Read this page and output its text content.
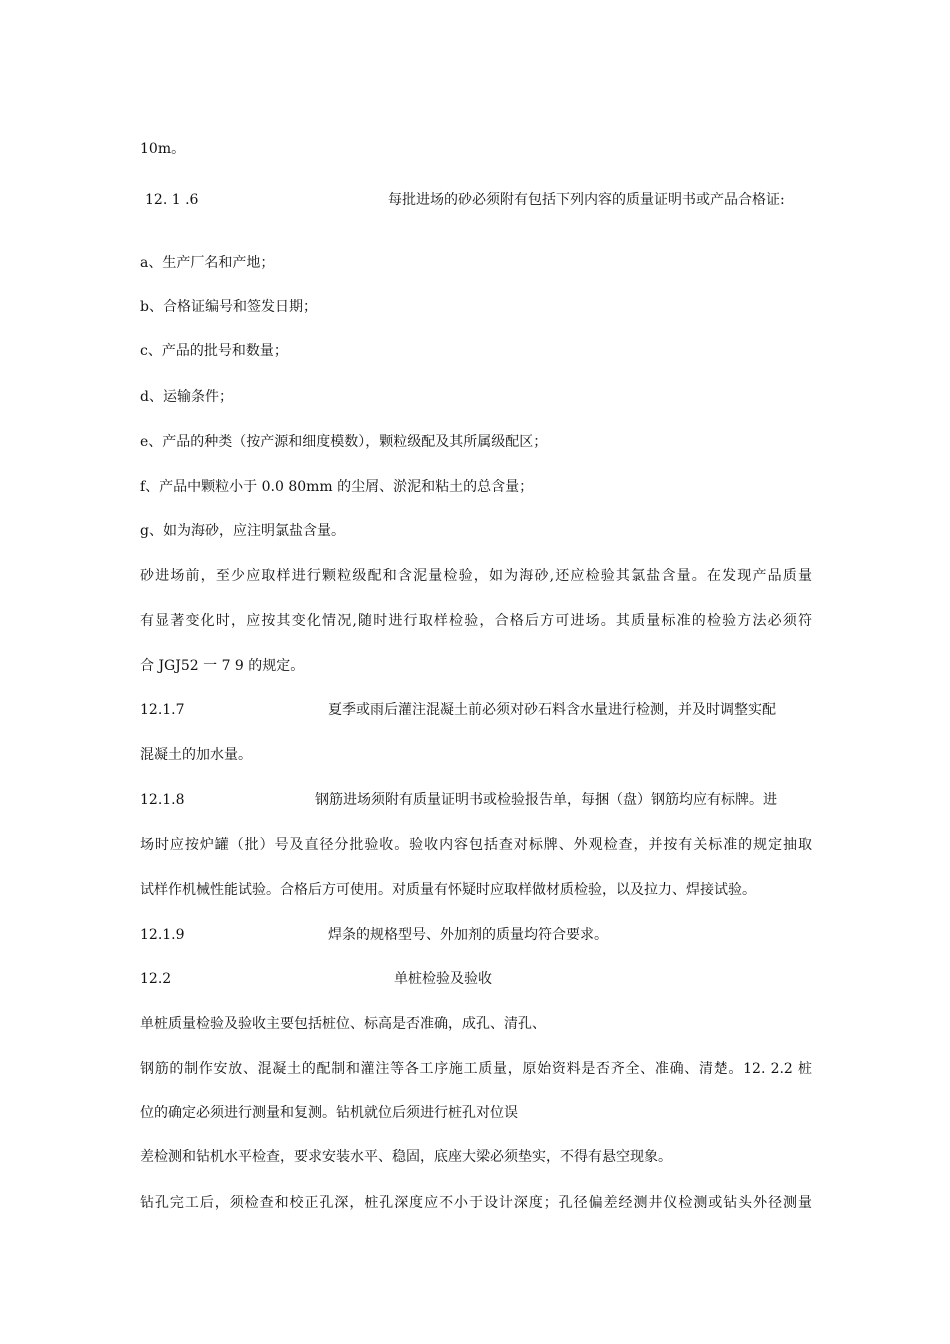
10m。
12. 1 .6	每批进场的砂必须附有包括下列内容的质量证明书或产品合格证:
a、生产厂名和产地；
b、合格证编号和签发日期；
c、产品的批号和数量；
d、运输条件；
e、产品的种类（按产源和细度模数），颗粒级配及其所属级配区；
f、产品中颗粒小于 0.0 80mm 的尘屑、淤泥和粘土的总含量；
g、如为海砂，应注明氯盐含量。
砂进场前，至少应取样进行颗粒级配和含泥量检验，如为海砂,还应检验其氯盐含量。在发现产品质量
有显著变化时，应按其变化情况,随时进行取样检验，合格后方可进场。其质量标准的检验方法必须符
合 JGJ52 一 7 9 的规定。
12.1.7	夏季或雨后灌注混凝土前必须对砂石料含水量进行检测，并及时调整实配
混凝土的加水量。
12.1.8	钢筋进场须附有质量证明书或检验报告单，每捆（盘）钢筋均应有标牌。进
场时应按炉罐（批）号及直径分批验收。验收内容包括查对标牌、外观检查，并按有关标准的规定抽取
试样作机械性能试验。合格后方可使用。对质量有怀疑时应取样做材质检验，以及拉力、焊接试验。
12.1.9	焊条的规格型号、外加剂的质量均符合要求。
12.2	单桩检验及验收
单桩质量检验及验收主要包括桩位、标高是否准确，成孔、清孔、
钢筋的制作安放、混凝土的配制和灌注等各工序施工质量，原始资料是否齐全、准确、清楚。12. 2.2 桩
位的确定必须进行测量和复测。钻机就位后须进行桩孔对位误
差检测和钻机水平检查，要求安装水平、稳固，底座大梁必须垫实，不得有悬空现象。
钻孔完工后，须检查和校正孔深，桩孔深度应不小于设计深度；孔径偏差经测井仪检测或钻头外径测量
